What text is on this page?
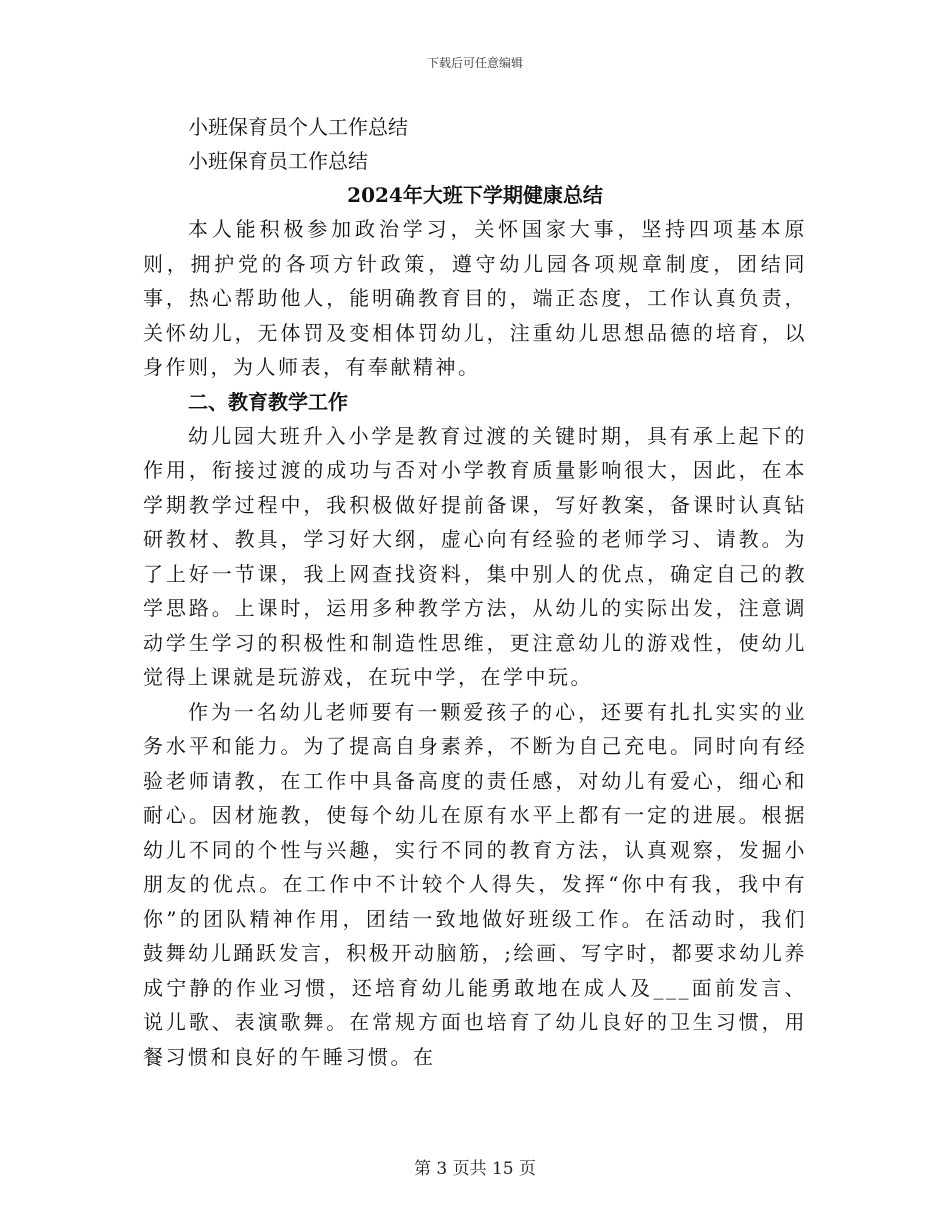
下载后可任意编辑
小班保育员个人工作总结
小班保育员工作总结
2024年大班下学期健康总结

本人能积极参加政治学习，关怀国家大事，坚持四项基本原则，拥护党的各项方针政策，遵守幼儿园各项规章制度，团结同事，热心帮助他人，能明确教育目的，端正态度，工作认真负责，关怀幼儿，无体罚及变相体罚幼儿，注重幼儿思想品德的培育，以身作则，为人师表，有奉献精神。

二、教育教学工作

幼儿园大班升入小学是教育过渡的关键时期，具有承上起下的作用，衔接过渡的成功与否对小学教育质量影响很大，因此，在本学期教学过程中，我积极做好提前备课，写好教案，备课时认真钻研教材、教具，学习好大纲，虚心向有经验的老师学习、请教。为了上好一节课，我上网查找资料，集中别人的优点，确定自己的教学思路。上课时，运用多种教学方法，从幼儿的实际出发，注意调动学生学习的积极性和制造性思维，更注意幼儿的游戏性，使幼儿觉得上课就是玩游戏，在玩中学，在学中玩。

作为一名幼儿老师要有一颗爱孩子的心，还要有扎扎实实的业务水平和能力。为了提高自身素养，不断为自己充电。同时向有经验老师请教，在工作中具备高度的责任感，对幼儿有爱心，细心和耐心。因材施教，使每个幼儿在原有水平上都有一定的进展。根据幼儿不同的个性与兴趣，实行不同的教育方法，认真观察，发掘小朋友的优点。在工作中不计较个人得失，发挥“你中有我，我中有你”的团队精神作用，团结一致地做好班级工作。在活动时，我们鼓舞幼儿踊跃发言，积极开动脑筋，;绘画、写字时，都要求幼儿养成宁静的作业习惯，还培育幼儿能勇敢地在成人及___面前发言、说儿歌、表演歌舞。在常规方面也培育了幼儿良好的卫生习惯，用餐习惯和良好的午睡习惯。在

第 3 页共 15 页
